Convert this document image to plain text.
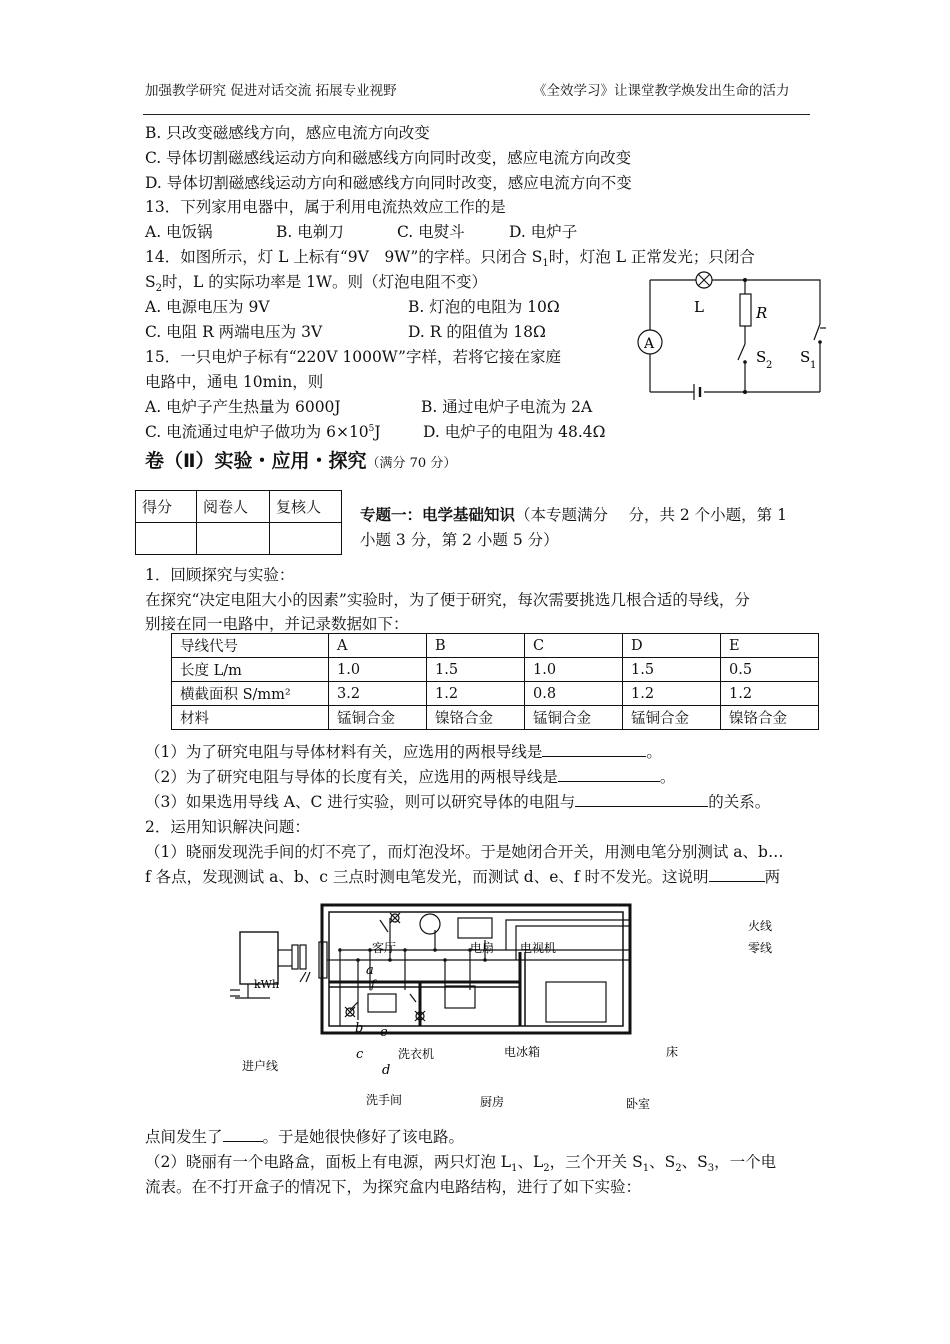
加强教学研究 促进对话交流 拓展专业视野	《全效学习》让课堂教学焕发出生命的活力
B. 只改变磁感线方向，感应电流方向改变
C. 导体切割磁感线运动方向和磁感线方向同时改变，感应电流方向改变
D. 导体切割磁感线运动方向和磁感线方向同时改变，感应电流方向不变
13．下列家用电器中，属于利用电流热效应工作的是
A. 电饭锅	B. 电剃刀	C. 电熨斗	D. 电炉子
14．如图所示，灯 L 上标有“9V　9W”的字样。只闭合 $S_1$时，灯泡 L 正常发光；只闭合
$S_2$时，L 的实际功率是 1W。则（灯泡电阻不变）
A. 电源电压为 9V	B. 灯泡的电阻为 10Ω
C. 电阻 R 两端电压为 3V	D. R 的阻值为 18Ω
A
L	R
S 2 S 1
15．一只电炉子标有“220V 1000W”字样，若将它接在家庭
电路中，通电 10min，则
A. 电炉子产生热量为 6000J	B. 通过电炉子电流为 2A
C. 电流通过电炉子做功为 $6\times 10^5J$	D. 电炉子的电阻为 48.4Ω
卷（Ⅱ）实验・应用・探究（满分 70 分）
得分	阅卷人	复核人
			专题一：电学基础知识（本专题满分　 分，共 2 个小题，第 1
小题 3 分，第 2 小题 5 分）
1．回顾探究与实验：
在探究“决定电阻大小的因素”实验时，为了便于研究，每次需要挑选几根合适的导线，分
别接在同一电路中，并记录数据如下：
导线代号	A	B	C	D	E
长度 L/m	1.0	1.5	1.0	1.5	0.5
横截面积 S/mm²	3.2	1.2	0.8	1.2	1.2
材料	锰铜合金	镍铬合金	锰铜合金	锰铜合金	镍铬合金
（1）为了研究电阻与导体材料有关，应选用的两根导线是	。
（2）为了研究电阻与导体的长度有关，应选用的两根导线是	。
（3）如果选用导线 A、C 进行实验，则可以研究导体的电阻与	的关系。
2．运用知识解决问题：
（1）晓丽发现洗手间的灯不亮了，而灯泡没坏。于是她闭合开关，用测电笔分别测试 a、b…
f 各点，发现测试 a、b、c 三点时测电笔发光，而测试 d、e、f 时不发光。这说明	两
客厅	电扇 电视机
火线
零线
kWh
a
f
b e
c
d
洗衣机	电冰箱	床
进户线
洗手间	厨房	卧室
点间发生了	。于是她很快修好了该电路。
（2）晓丽有一个电路盒，面板上有电源，两只灯泡 $L_1$、$L_2$，三个开关 $S_1$、$S_2$、$S_3$，一个电
流表。在不打开盒子的情况下，为探究盒内电路结构，进行了如下实验：
